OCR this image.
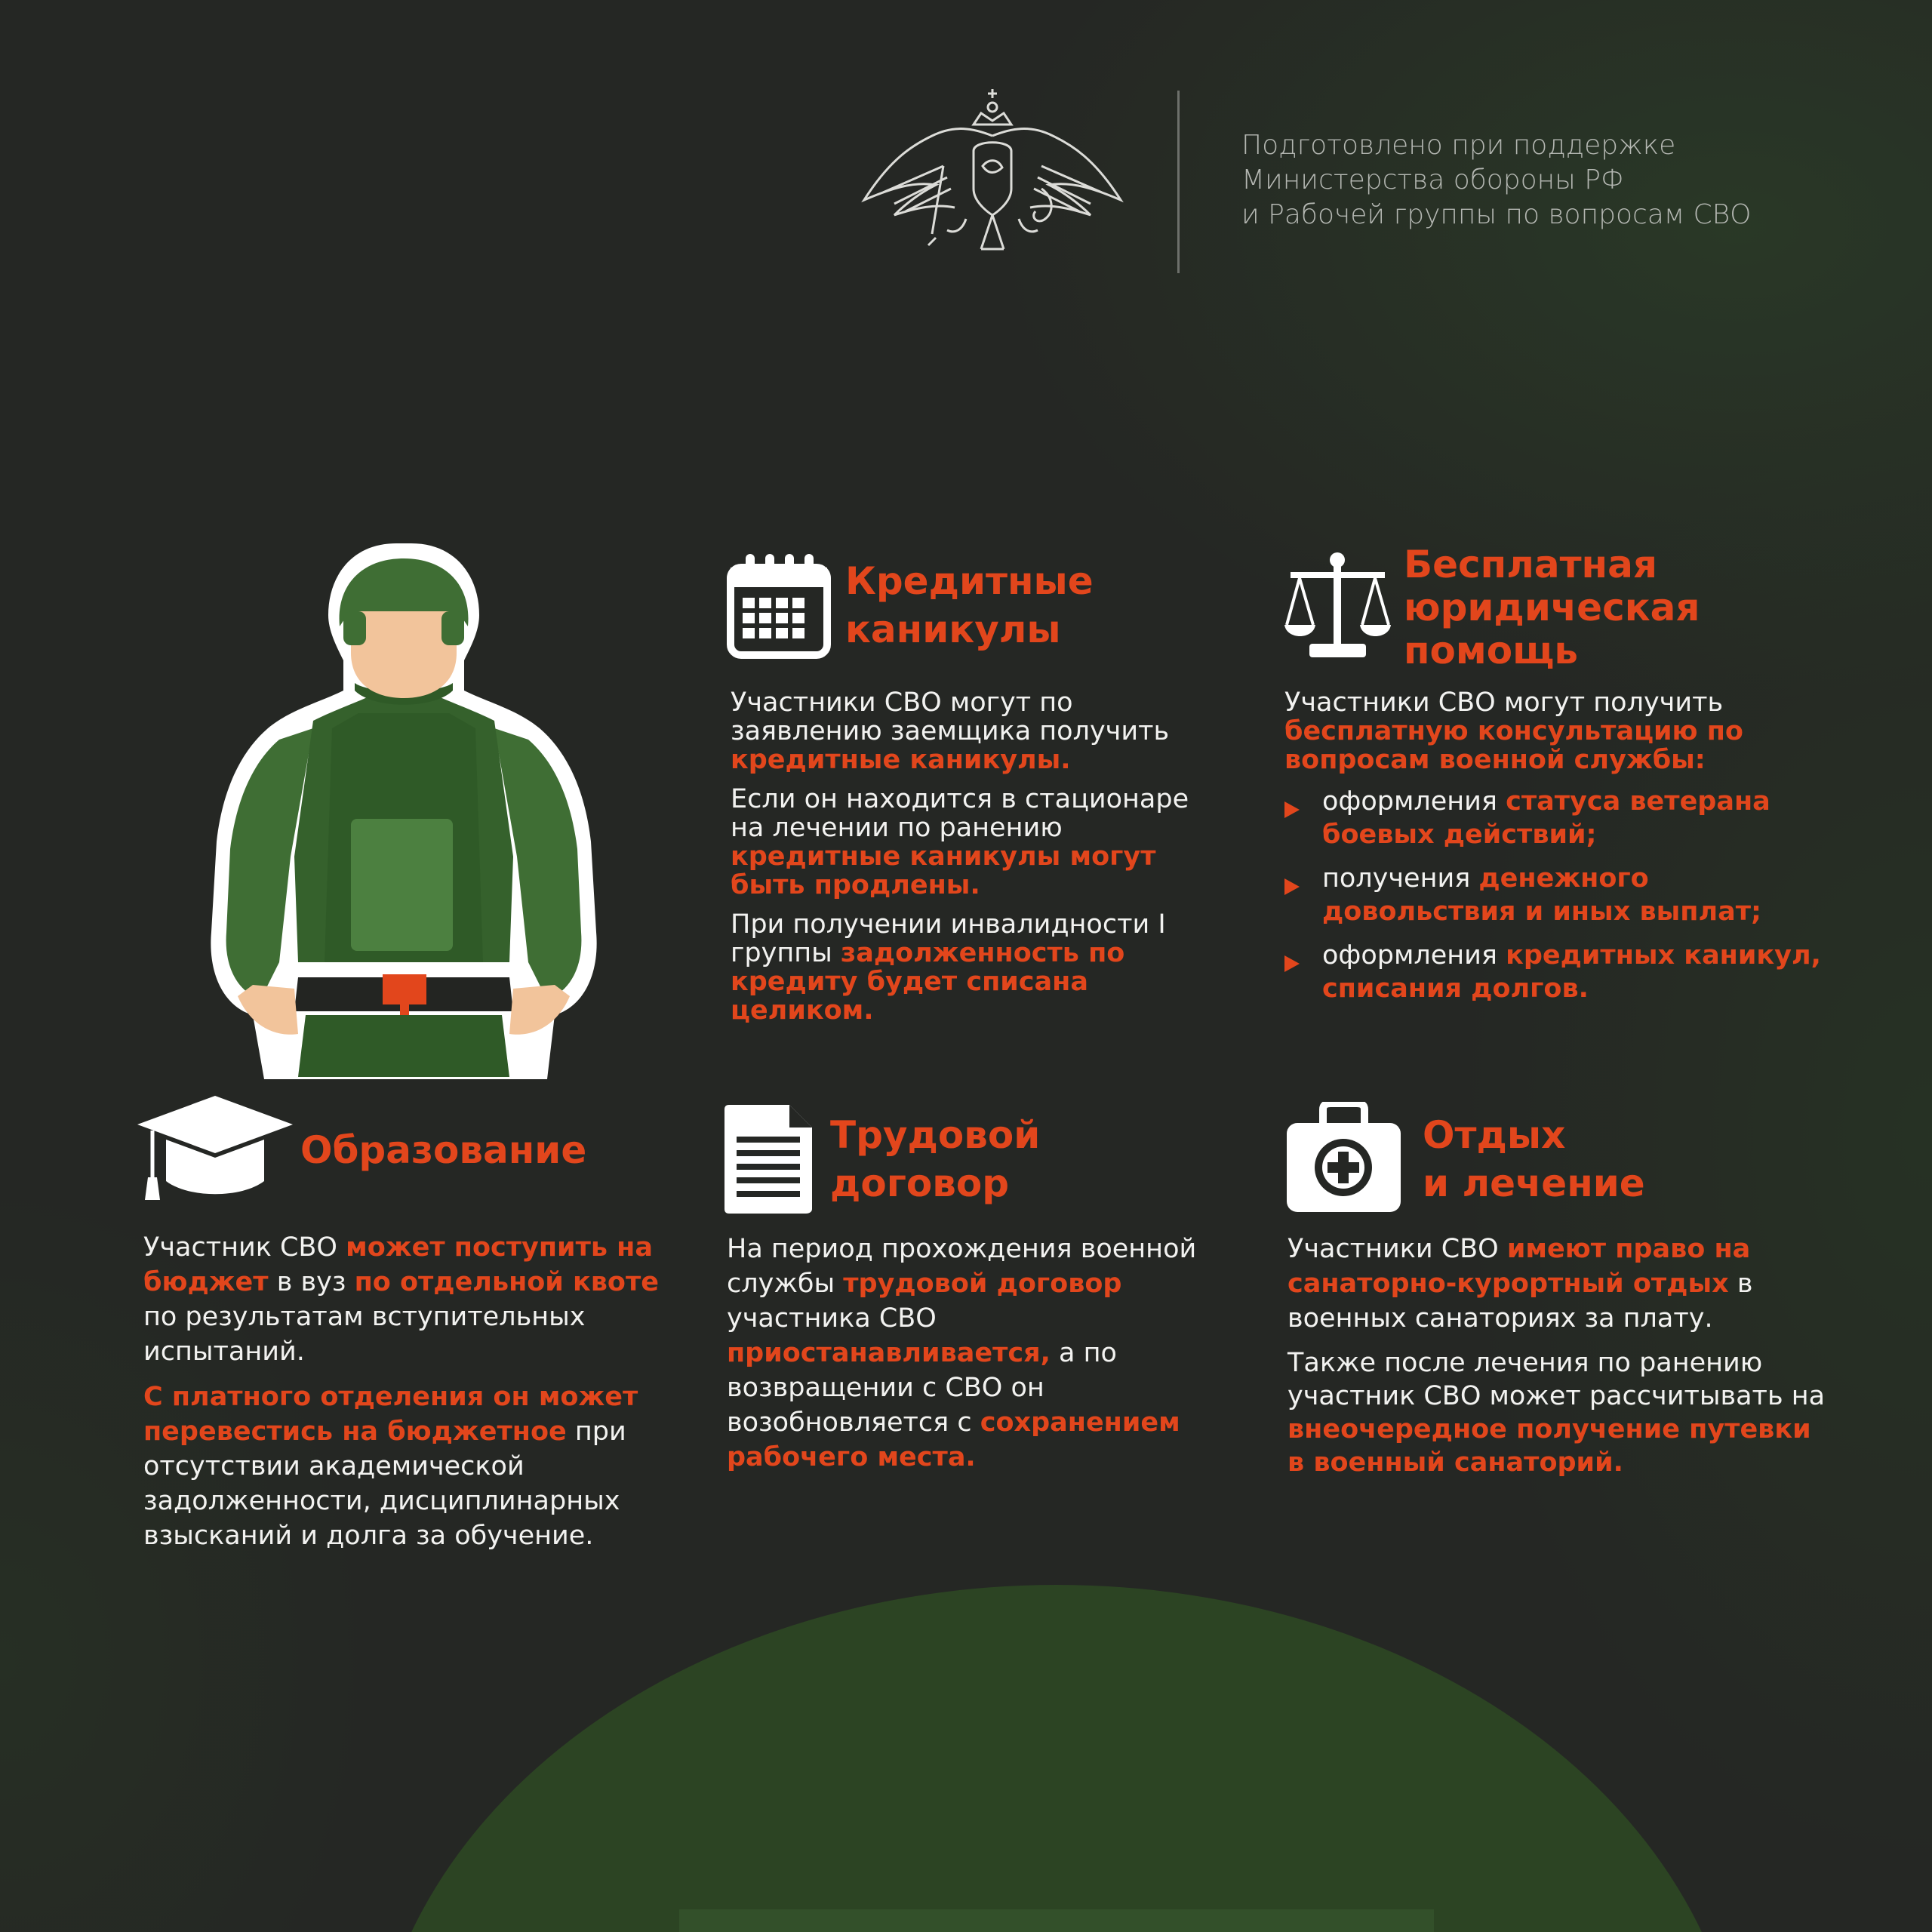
Подготовлено при поддержке
Министерства обороны РФ
и Рабочей группы по вопросам СВО
Кредитные
каникулы

Участники СВО могут по заявлению заемщика получить кредитные каникулы.

Если он находится в стационаре на лечении по ранению кредитные каникулы могут быть продлены.

При получении инвалидности I группы задолженность по кредиту будет списана целиком.

Бесплатная
юридическая
помощь

Участники СВО могут получить бесплатную консультацию по вопросам военной службы:

оформления статуса ветерана боевых действий;
получения денежного довольствия и иных выплат;
оформления кредитных каникул, списания долгов.
Образование

Участник СВО может поступить на бюджет в вуз по отдельной квоте по результатам вступительных испытаний.

С платного отделения он может перевестись на бюджетное при отсутствии академической задолженности, дисциплинарных взысканий и долга за обучение.

Трудовой
договор

На период прохождения военной службы трудовой договор участника СВО приостанавливается, а по возвращении с СВО он возобновляется с сохранением рабочего места.

Отдых
и лечение

Участники СВО имеют право на санаторно-курортный отдых в военных санаториях за плату.

Также после лечения по ранению участник СВО может рассчитывать на внеочередное получение путевки в военный санаторий.
